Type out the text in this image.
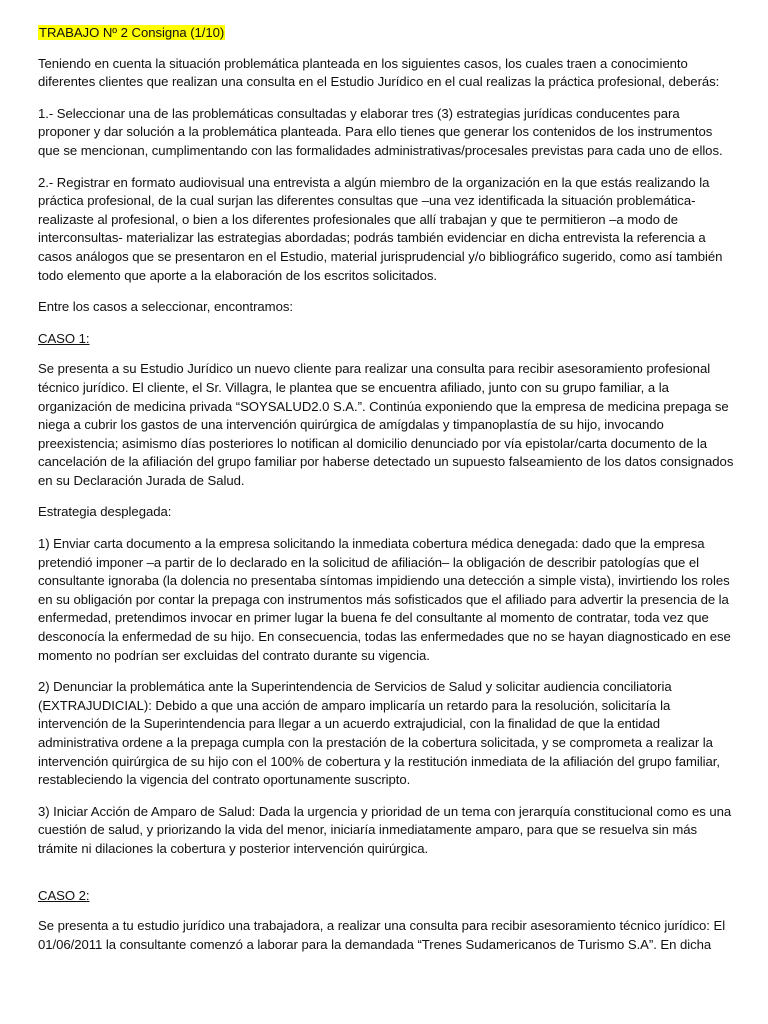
TRABAJO Nº 2 Consigna (1/10)

Teniendo en cuenta la situación problemática planteada en los siguientes casos, los cuales traen a conocimiento diferentes clientes que realizan una consulta en el Estudio Jurídico en el cual realizas la práctica profesional, deberás:

1.- Seleccionar una de las problemáticas consultadas y elaborar tres (3) estrategias jurídicas conducentes para proponer y dar solución a la problemática planteada. Para ello tienes que generar los contenidos de los instrumentos que se mencionan, cumplimentando con las formalidades administrativas/procesales previstas para cada uno de ellos.

2.- Registrar en formato audiovisual una entrevista a algún miembro de la organización en la que estás realizando la práctica profesional, de la cual surjan las diferentes consultas que –una vez identificada la situación problemática-realizaste al profesional, o bien a los diferentes profesionales que allí trabajan y que te permitieron –a modo de interconsultas- materializar las estrategias abordadas; podrás también evidenciar en dicha entrevista la referencia a casos análogos que se presentaron en el Estudio, material jurisprudencial y/o bibliográfico sugerido, como así también todo elemento que aporte a la elaboración de los escritos solicitados.

Entre los casos a seleccionar, encontramos:

CASO 1:

Se presenta a su Estudio Jurídico un nuevo cliente para realizar una consulta para recibir asesoramiento profesional técnico jurídico. El cliente, el Sr. Villagra, le plantea que se encuentra afiliado, junto con su grupo familiar, a la organización de medicina privada “SOYSALUD2.0 S.A.”. Continúa exponiendo que la empresa de medicina prepaga se niega a cubrir los gastos de una intervención quirúrgica de amígdalas y timpanoplastía de su hijo, invocando preexistencia; asimismo días posteriores lo notifican al domicilio denunciado por vía epistolar/carta documento de la cancelación de la afiliación del grupo familiar por haberse detectado un supuesto falseamiento de los datos consignados en su Declaración Jurada de Salud.

Estrategia desplegada:

1) Enviar carta documento a la empresa solicitando la inmediata cobertura médica denegada: dado que la empresa pretendió imponer –a partir de lo declarado en la solicitud de afiliación– la obligación de describir patologías que el consultante ignoraba (la dolencia no presentaba síntomas impidiendo una detección a simple vista), invirtiendo los roles en su obligación por contar la prepaga con instrumentos más sofisticados que el afiliado para advertir la presencia de la enfermedad, pretendimos invocar en primer lugar la buena fe del consultante al momento de contratar, toda vez que desconocía la enfermedad de su hijo. En consecuencia, todas las enfermedades que no se hayan diagnosticado en ese momento no podrían ser excluidas del contrato durante su vigencia.

2) Denunciar la problemática ante la Superintendencia de Servicios de Salud y solicitar audiencia conciliatoria (EXTRAJUDICIAL): Debido a que una acción de amparo implicaría un retardo para la resolución, solicitaría la intervención de la Superintendencia para llegar a un acuerdo extrajudicial, con la finalidad de que la entidad administrativa ordene a la prepaga cumpla con la prestación de la cobertura solicitada, y se comprometa a realizar la intervención quirúrgica de su hijo con el 100% de cobertura y la restitución inmediata de la afiliación del grupo familiar, restableciendo la vigencia del contrato oportunamente suscripto.

3) Iniciar Acción de Amparo de Salud: Dada la urgencia y prioridad de un tema con jerarquía constitucional como es una cuestión de salud, y priorizando la vida del menor, iniciaría inmediatamente amparo, para que se resuelva sin más trámite ni dilaciones la cobertura y posterior intervención quirúrgica.

CASO 2:

Se presenta a tu estudio jurídico una trabajadora, a realizar una consulta para recibir asesoramiento técnico jurídico: El 01/06/2011 la consultante comenzó a laborar para la demandada “Trenes Sudamericanos de Turismo S.A”. En dicha
